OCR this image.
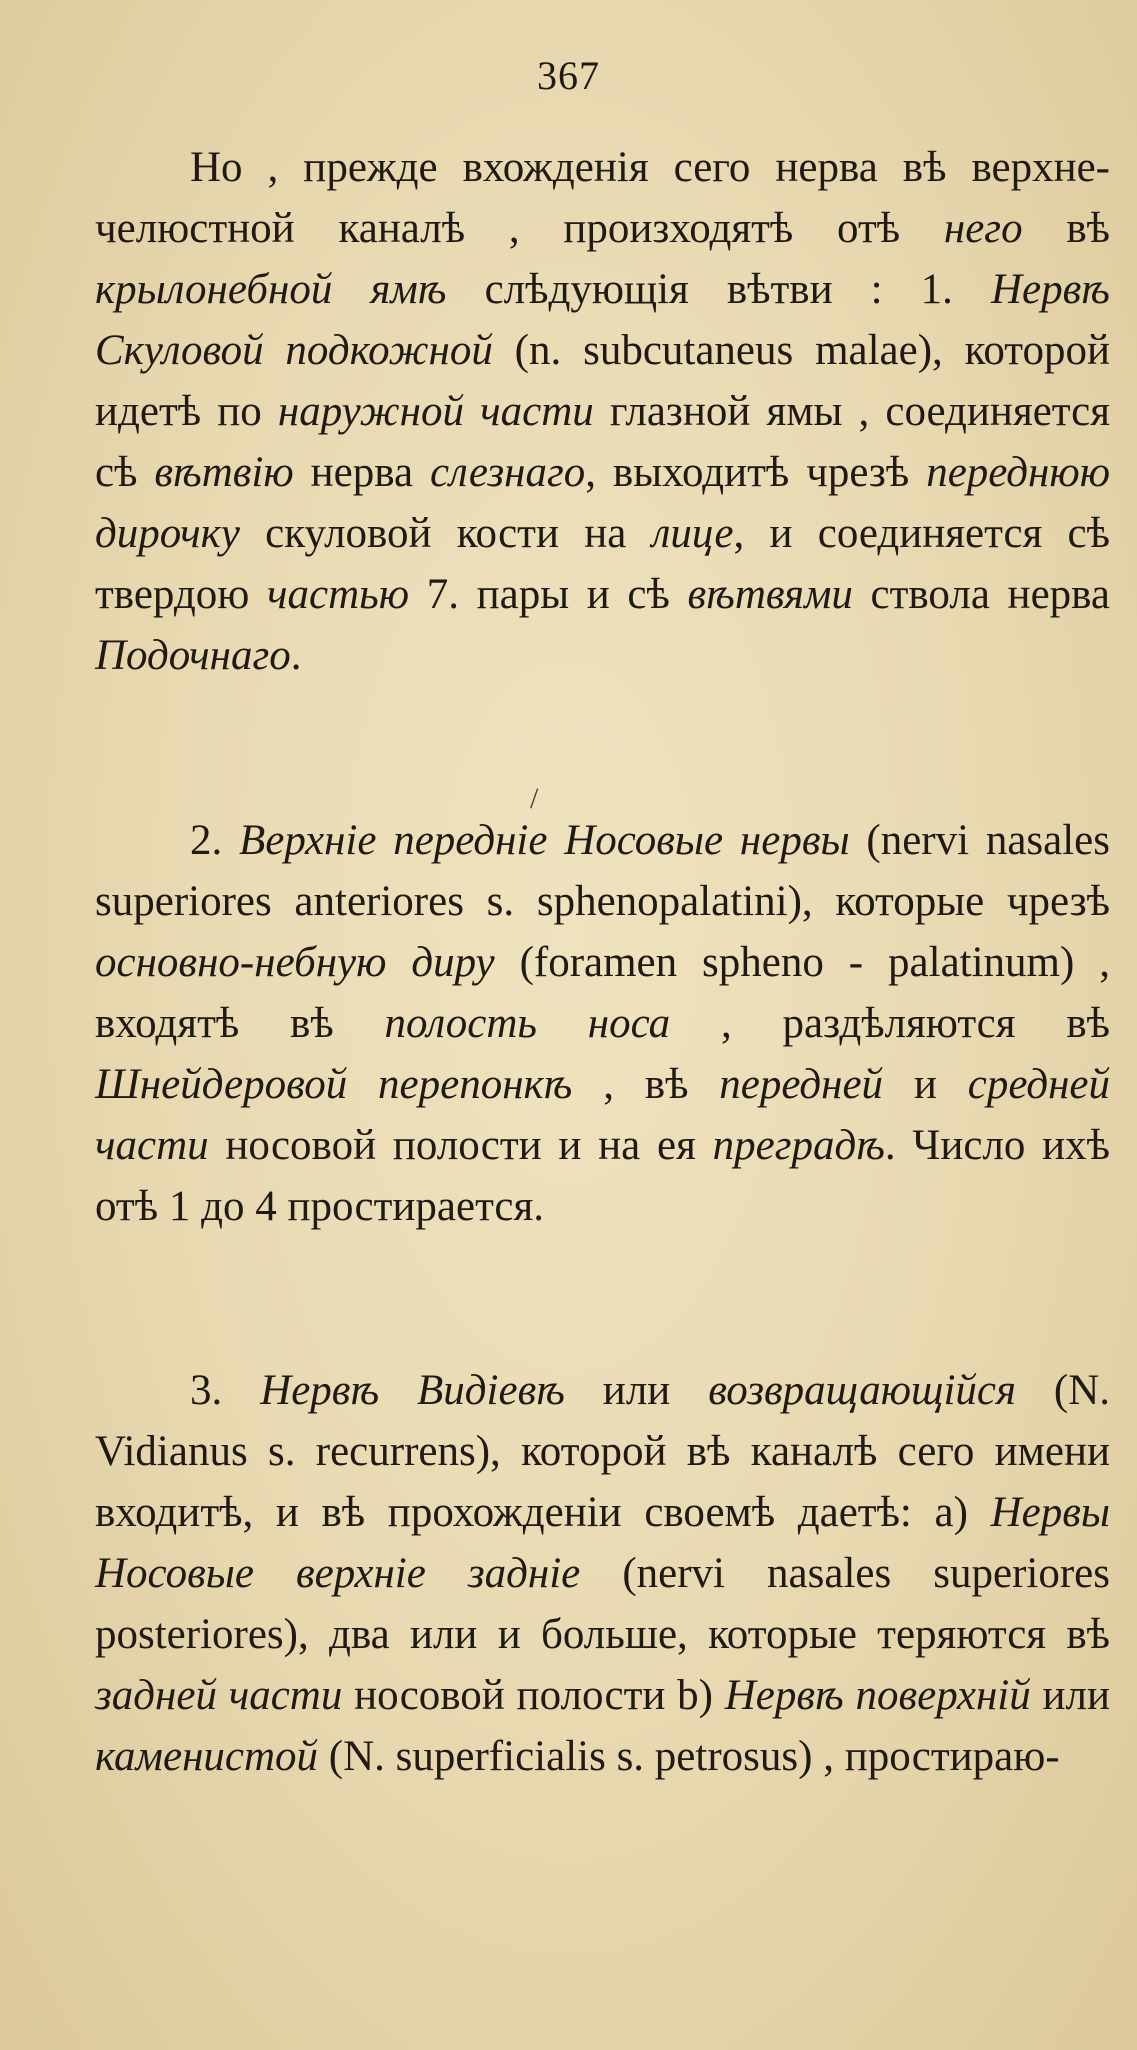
367

Но , прежде вхожденія сего нерва вѣ верхне-челюстной каналѣ , произходятѣ отѣ него вѣ крылонебной ямѣ слѣдующія вѣтви : 1. Нервѣ Скуловой подкожной (n. subcutaneus malae), которой идетѣ по наружной части глазной ямы , соединяется сѣ вѣтвію нерва слезнаго, выходитѣ чрезѣ переднюю дирочку скуловой кости на лице, и соединяется сѣ твердою частью 7. пары и сѣ вѣтвями ствола нерва Подочнаго.

/

2. Верхніе передніе Носовые нервы (nervi nasales superiores anteriores s. sphenopalatini), которые чрезѣ основно-небную диру (foramen spheno - palatinum) , входятѣ вѣ полость носа , раздѣляются вѣ Шнейдеровой перепонкѣ , вѣ передней и средней части носовой полости и на ея преградѣ. Число ихѣ отѣ 1 до 4 простирается.

3. Нервѣ Видіевѣ или возвращающійся (N. Vidianus s. recurrens), которой вѣ каналѣ сего имени входитѣ, и вѣ прохожденіи своемѣ даетѣ: a) Нервы Носовые верхніе задніе (nervi nasales superiores posteriores), два или и больше, которые теряются вѣ задней части носовой полости b) Нервѣ поверхній или каменистой (N. superficialis s. petrosus) , простираю-
